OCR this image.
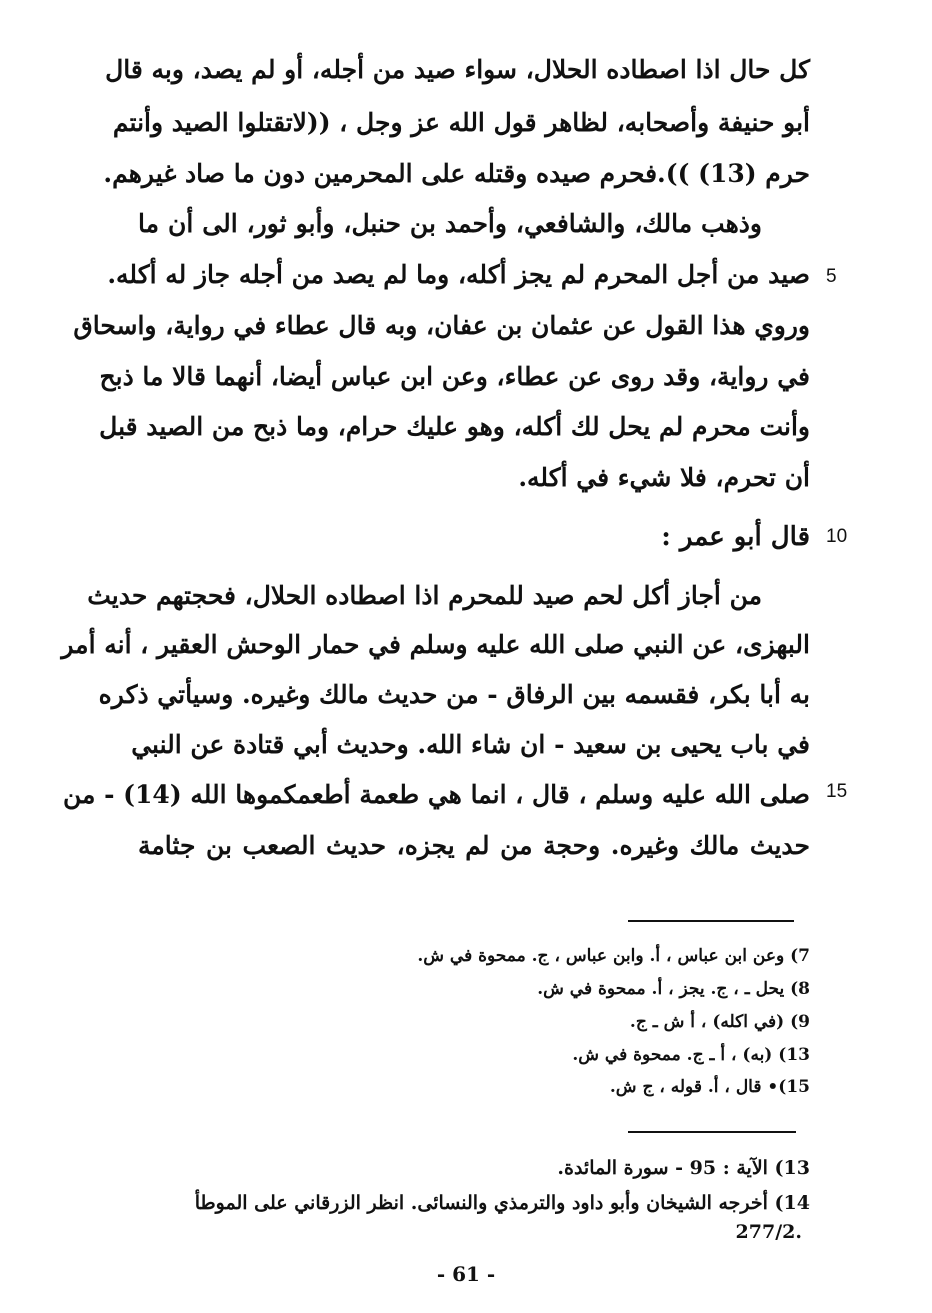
كل حال اذا اصطاده الحلال، سواء صيد من أجله، أو لم يصد، وبه قال
أبو حنيفة وأصحابه، لظاهر قول الله عز وجل ، ((لاتقتلوا الصيد وأنتم
حرم (13) )).فحرم صيده وقتله على المحرمين دون ما صاد غيرهم.
وذهب مالك، والشافعي، وأحمد بن حنبل، وأبو ثور، الى أن ما
صيد من أجل المحرم لم يجز أكله، وما لم يصد من أجله جاز له أكله.
وروي هذا القول عن عثمان بن عفان، وبه قال عطاء في رواية، واسحاق
في رواية، وقد روى عن عطاء، وعن ابن عباس أيضا، أنهما قالا ما ذبح
وأنت محرم لم يحل لك أكله، وهو عليك حرام، وما ذبح من الصيد قبل
أن تحرم، فلا شيء في أكله.
من أجاز أكل لحم صيد للمحرم اذا اصطاده الحلال، فحجتهم حديث
البهزى، عن النبي صلى الله عليه وسلم في حمار الوحش العقير ، أنه أمر
به أبا بكر، فقسمه بين الرفاق - من حديث مالك وغيره. وسيأتي ذكره
في باب يحيى بن سعيد - ان شاء الله. وحديث أبي قتادة عن النبي
صلى الله عليه وسلم ، قال ، انما هي طعمة أطعمكموها الله (14) - من
حديث مالك وغيره. وحجة من لم يجزه، حديث الصعب بن جثامة
قال أبو عمر :
5
10
15
7) وعن ابن عباس ، أ. وابن عباس ، ج. ممحوة في ش.
8) يحل ـ ، ج. يجز ، أ. ممحوة في ش.
9) (في اكله) ، أ ش ـ ج.
13) (به) ، أ ـ ج. ممحوة في ش.
15)• قال ، أ. قوله ، ج ش.
13) الآية : 95 - سورة المائدة.
14) أخرجه الشيخان وأبو داود والترمذي والنسائى. انظر الزرقاني على الموطأ
.277/2
- 61 -
